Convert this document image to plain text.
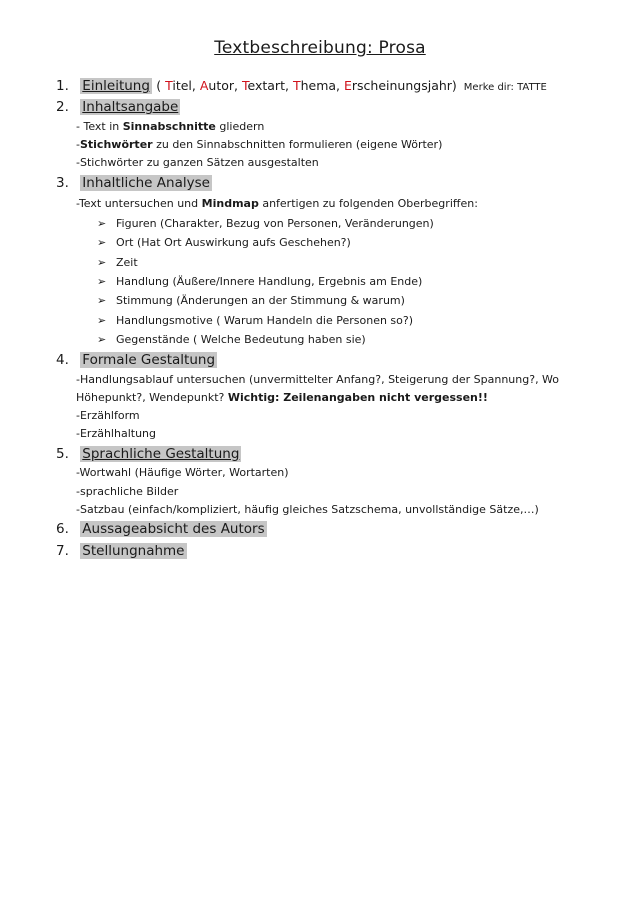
Textbeschreibung: Prosa
1. Einleitung ( Titel, Autor, Textart, Thema, Erscheinungsjahr) Merke dir: TATTE
2. Inhaltsangabe
- Text in Sinnabschnitte gliedern
-Stichwörter zu den Sinnabschnitten formulieren (eigene Wörter)
-Stichwörter zu ganzen Sätzen ausgestalten
3. Inhaltliche Analyse
-Text untersuchen und Mindmap anfertigen zu folgenden Oberbegriffen:
➢ Figuren (Charakter, Bezug von Personen, Veränderungen)
➢ Ort (Hat Ort Auswirkung aufs Geschehen?)
➢ Zeit
➢ Handlung (Äußere/Innere Handlung, Ergebnis am Ende)
➢ Stimmung (Änderungen an der Stimmung & warum)
➢ Handlungsmotive ( Warum Handeln die Personen so?)
➢ Gegenstände ( Welche Bedeutung haben sie)
4. Formale Gestaltung
-Handlungsablauf untersuchen (unvermittelter Anfang?, Steigerung der Spannung?, Wo
Höhepunkt?, Wendepunkt? Wichtig: Zeilenangaben nicht vergessen!!
-Erzählform
-Erzählhaltung
5. Sprachliche Gestaltung
-Wortwahl (Häufige Wörter, Wortarten)
-sprachliche Bilder
-Satzbau (einfach/kompliziert, häufig gleiches Satzschema, unvollständige Sätze,…)
6. Aussageabsicht des Autors
7. Stellungnahme
